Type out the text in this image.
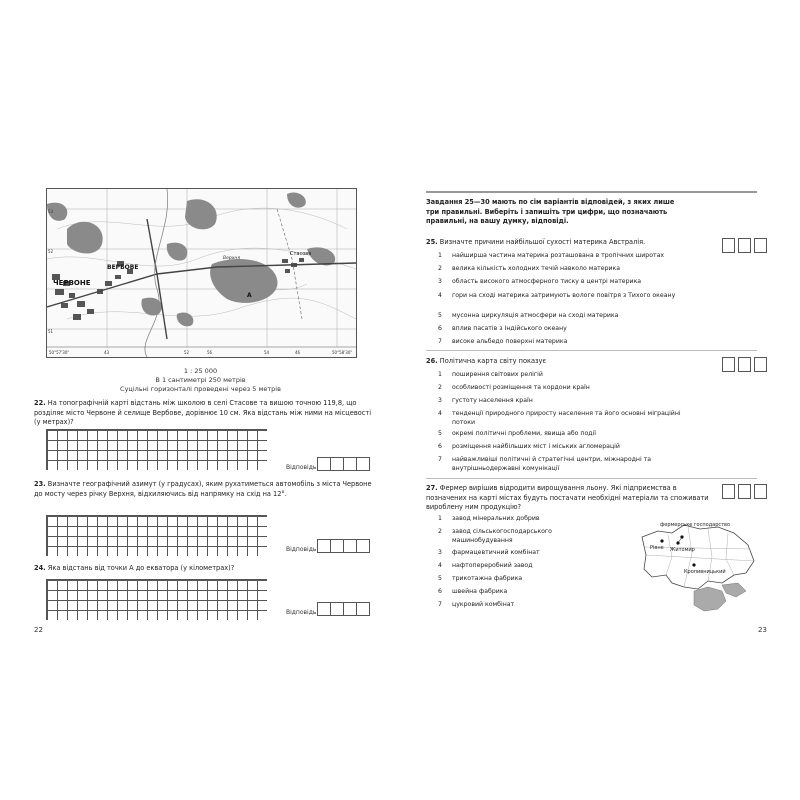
ЧЕРВОНЕ
ВЕРБОВЕ
Стасове
Верхня
А
53
52
51
50°57'30"	43	52	54
56	46	50°58'30"
1 : 25 000
В 1 сантиметрі 250 метрів
Суцільні горизонталі проведені через 5 метрів
22. На топографічній карті відстань між школою в селі Стасове та вишою точною 119,8, що розділяє місто Червоне й селище Вербове, дорівнює 10 см. Яка відстань між ними на місцевості (у метрах)?
Відповідь:
23. Визначте географічний азимут (у градусах), яким рухатиметься автомобіль з міста Червоне до мосту через річку Верхня, відхиляючись від напрямку на схід на 12°.
Відповідь:
24. Яка відстань від точки А до екватора (у кілометрах)?
Відповідь:
22
Завдання 25—30 мають по сім варіантів відповідей, з яких лише три правильні. Виберіть і запишіть три цифри, що позначають правильні, на вашу думку, відповіді.
25. Визначте причини найбільшої сухості материка Австралія.
1	найширша частина материка розташована в тропічних широтах
2	велика кількість холодних течій навколо материка
3	область високого атмосферного тиску в центрі материка
4	гори на сході материка затримують вологе повітря з Тихого океану
5	мусонна циркуляція атмосфери на сході материка
6	вплив пасатів з Індійського океану
7	високе альбедо поверхні материка
26. Політична карта світу показує
1	поширення світових релігій
2	особливості розміщення та кордони країн
3	густоту населення країн
4	тенденції природного приросту населення та його основні міграційні потоки
5	окремі політичні проблеми, явища або події
6	розміщення найбільших міст і міських агломерацій
7	найважливіші політичні й стратегічні центри, міжнародні та внутрішньодержавні комунікації
27. Фермер вирішив відродити вирощування льону. Які підприємства в позначених на карті містах будуть постачати необхідні матеріали та споживати вироблену ним продукцію?
1	завод мінеральних добрив
2	завод сільськогосподарського машинобудування
3	фармацевтичний комбінат
4	нафтопереробний завод
5	трикотажна фабрика
6	швейна фабрика
7	цукровий комбінат
фермерське господарство
Рівне Житомир
Кропивницький
23
